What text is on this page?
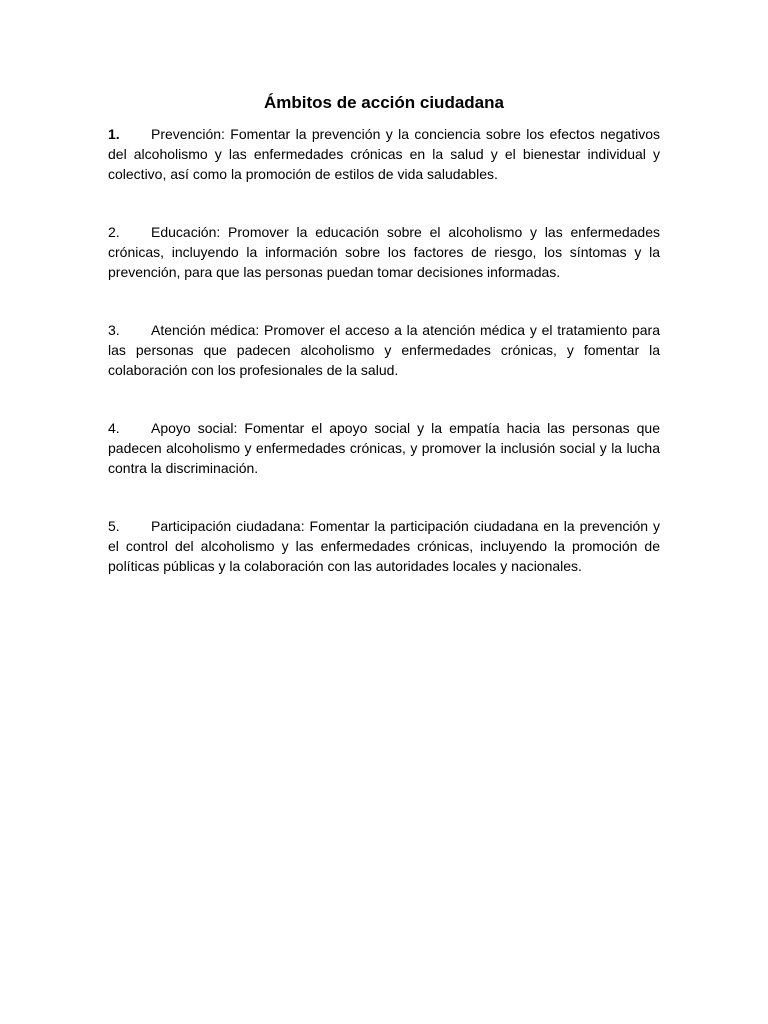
Ámbitos de acción ciudadana

1. Prevención: Fomentar la prevención y la conciencia sobre los efectos negativos del alcoholismo y las enfermedades crónicas en la salud y el bienestar individual y colectivo, así como la promoción de estilos de vida saludables.

2. Educación: Promover la educación sobre el alcoholismo y las enfermedades crónicas, incluyendo la información sobre los factores de riesgo, los síntomas y la prevención, para que las personas puedan tomar decisiones informadas.

3. Atención médica: Promover el acceso a la atención médica y el tratamiento para las personas que padecen alcoholismo y enfermedades crónicas, y fomentar la colaboración con los profesionales de la salud.

4. Apoyo social: Fomentar el apoyo social y la empatía hacia las personas que padecen alcoholismo y enfermedades crónicas, y promover la inclusión social y la lucha contra la discriminación.

5. Participación ciudadana: Fomentar la participación ciudadana en la prevención y el control del alcoholismo y las enfermedades crónicas, incluyendo la promoción de políticas públicas y la colaboración con las autoridades locales y nacionales.
